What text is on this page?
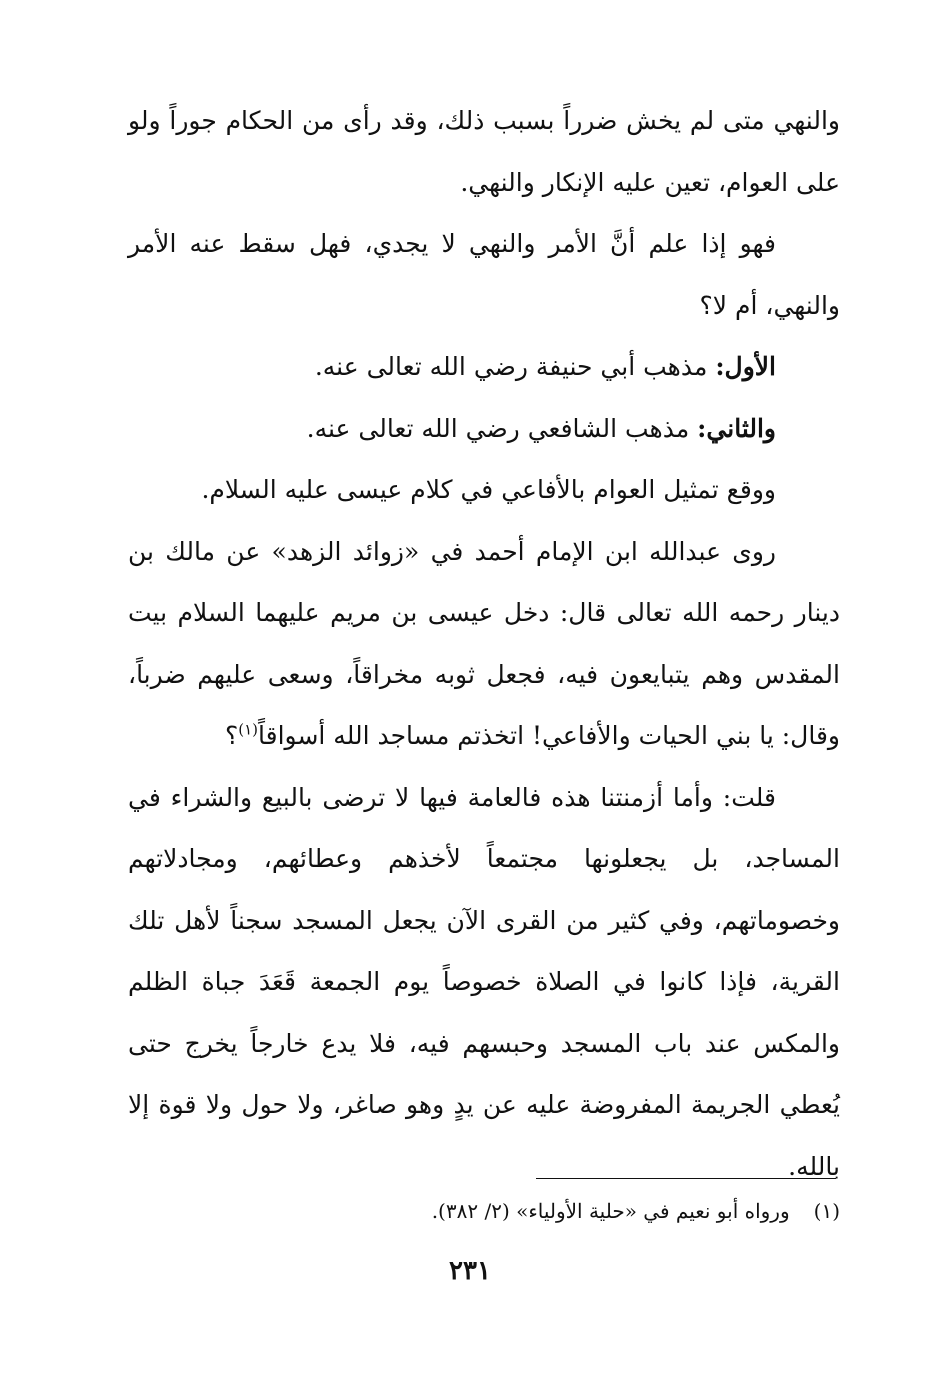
والنهي متى لم يخش ضرراً بسبب ذلك، وقد رأى من الحكام جوراً ولو على العوام، تعين عليه الإنكار والنهي.

فهو إذا علم أنَّ الأمر والنهي لا يجدي، فهل سقط عنه الأمر والنهي، أم لا؟

الأول: مذهب أبي حنيفة رضي الله تعالى عنه.

والثاني: مذهب الشافعي رضي الله تعالى عنه.

ووقع تمثيل العوام بالأفاعي في كلام عيسى عليه السلام.

روى عبدالله ابن الإمام أحمد في «زوائد الزهد» عن مالك بن دينار رحمه الله تعالى قال: دخل عيسى بن مريم عليهما السلام بيت المقدس وهم يتبايعون فيه، فجعل ثوبه مخراقاً، وسعى عليهم ضرباً، وقال: يا بني الحيات والأفاعي! اتخذتم مساجد الله أسواقاً$^{(١)}$؟

قلت: وأما أزمنتنا هذه فالعامة فيها لا ترضى بالبيع والشراء في المساجد، بل يجعلونها مجتمعاً لأخذهم وعطائهم، ومجادلاتهم وخصوماتهم، وفي كثير من القرى الآن يجعل المسجد سجناً لأهل تلك القرية، فإذا كانوا في الصلاة خصوصاً يوم الجمعة قَعَدَ جباة الظلم والمكس عند باب المسجد وحبسهم فيه، فلا يدع خارجاً يخرج حتى يُعطي الجريمة المفروضة عليه عن يدٍ وهو صاغر، ولا حول ولا قوة إلا بالله.

(١)ورواه أبو نعيم في «حلية الأولياء» (٢/ ٣٨٢).
٢٣١
